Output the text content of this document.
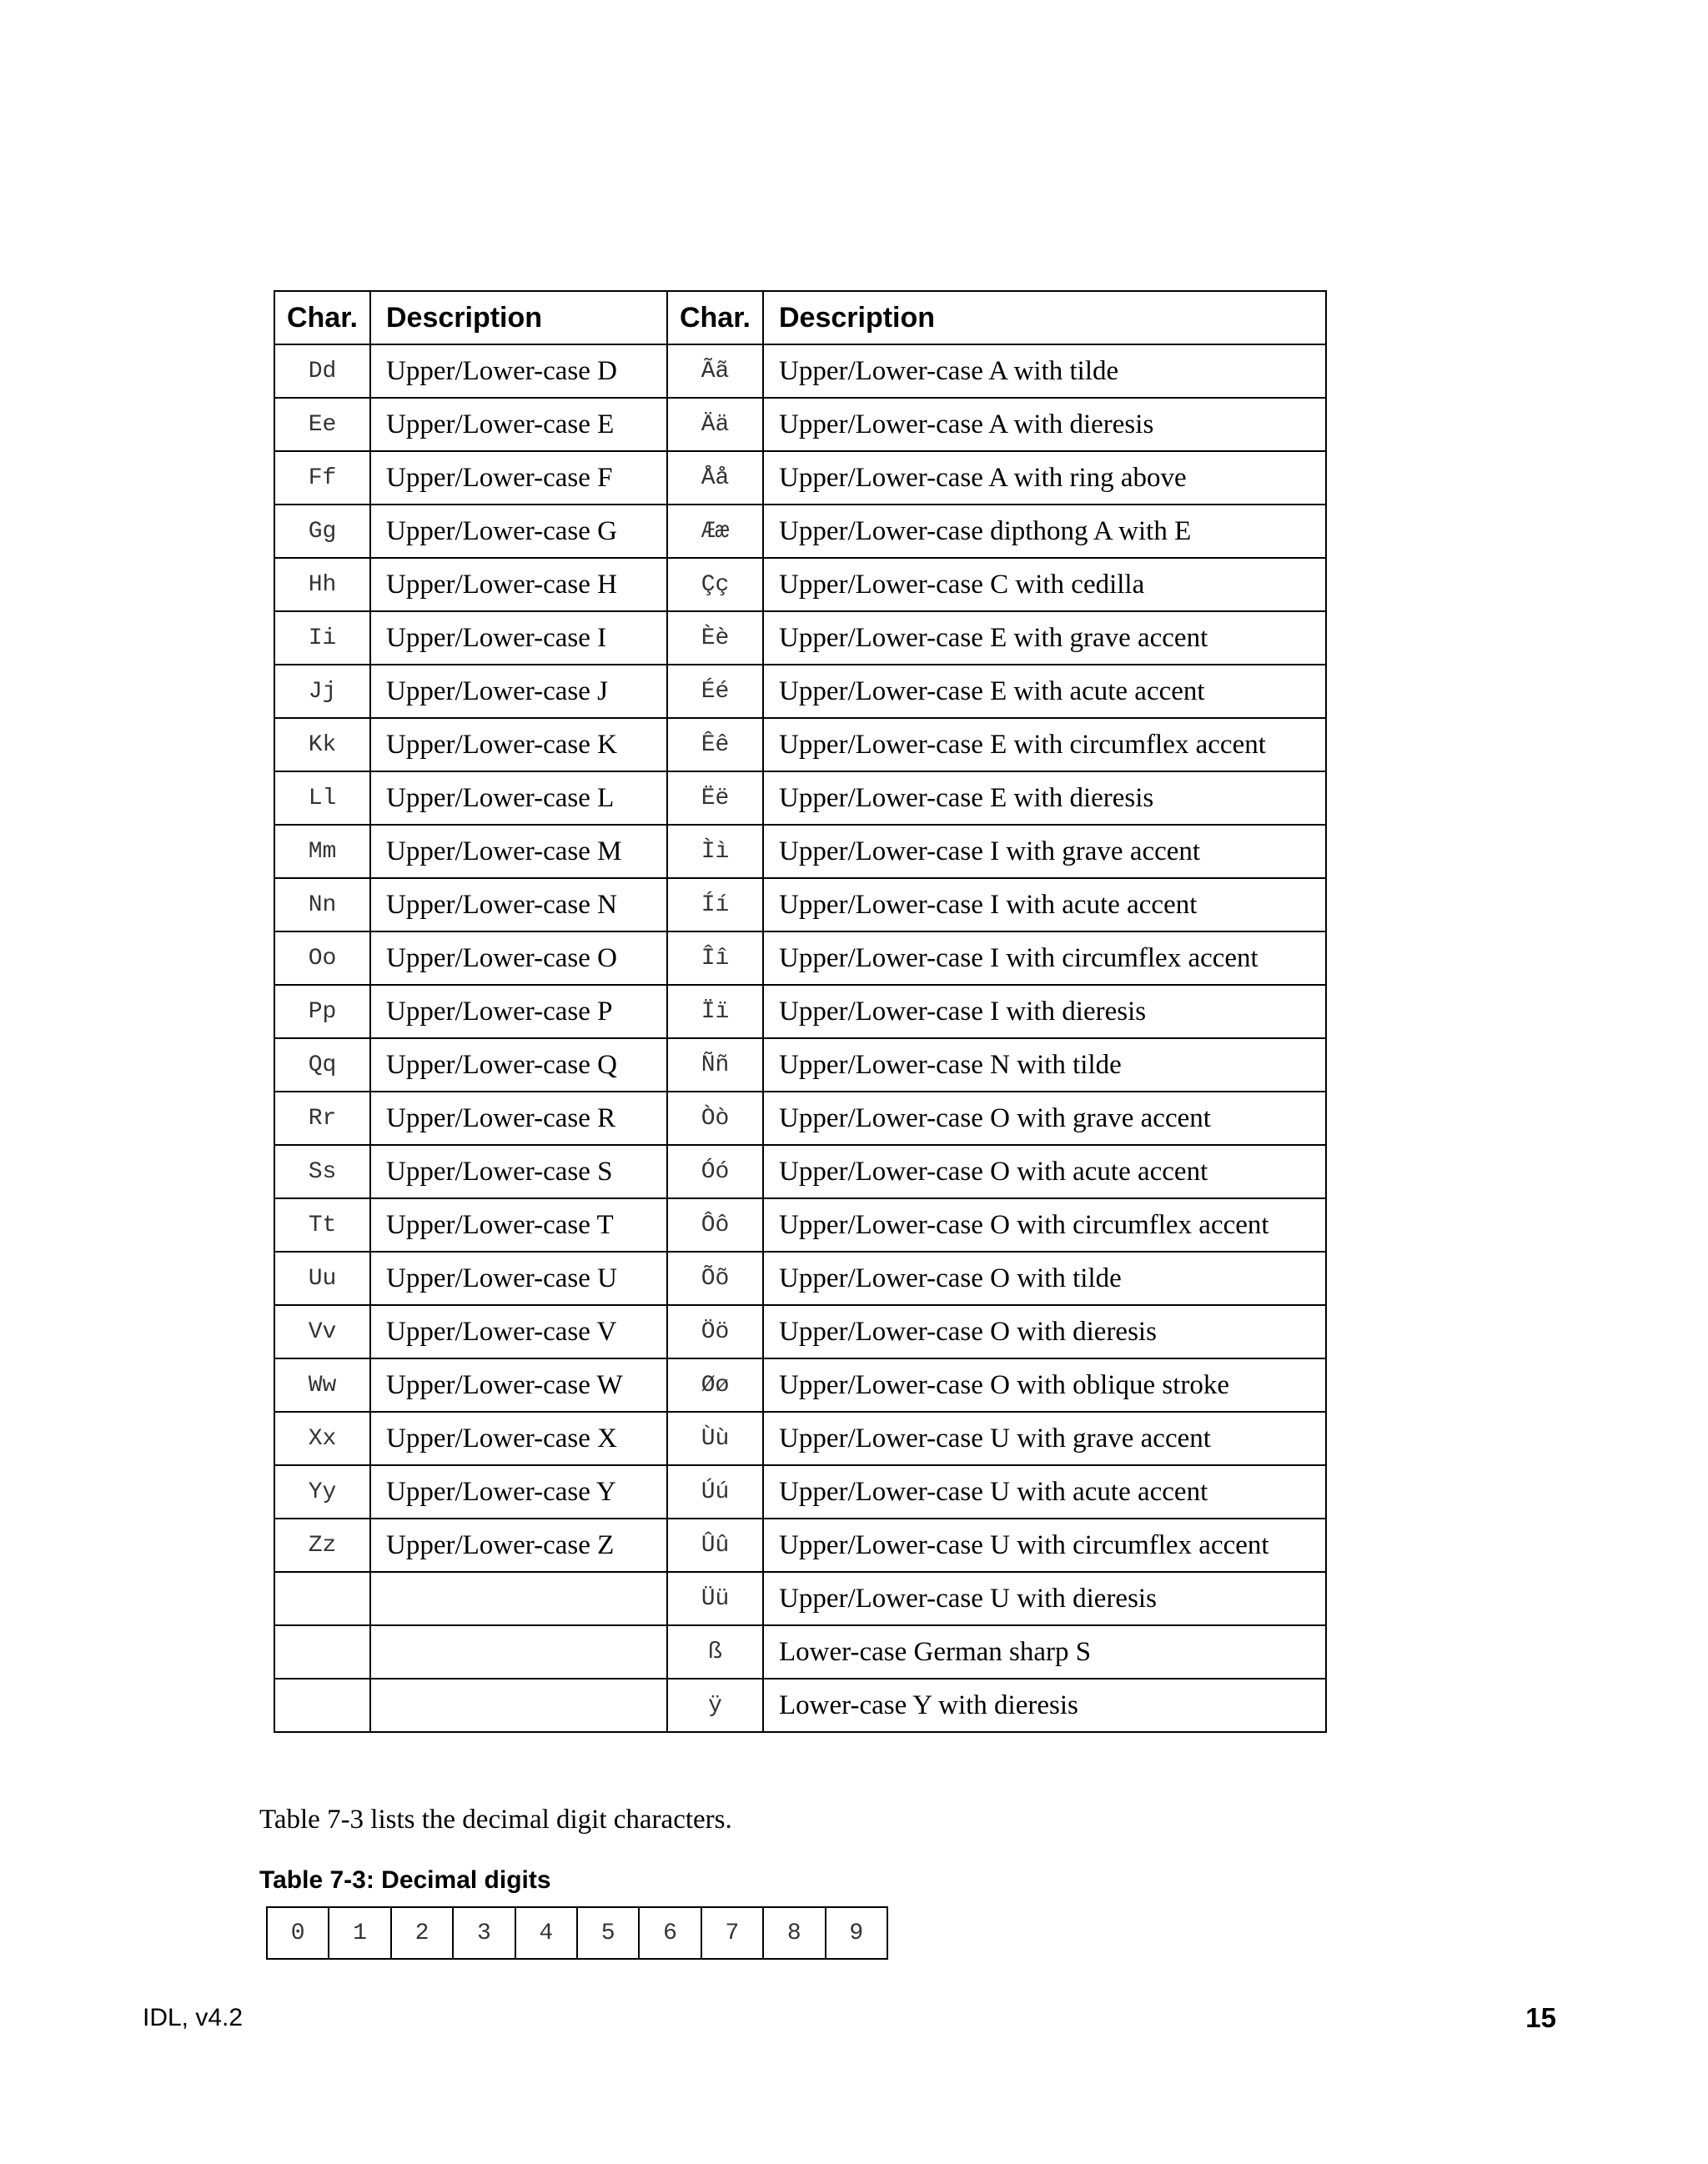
Char.	Description	Char.	Description
Dd	Upper/Lower-case D	Ãã	Upper/Lower-case A with tilde
Ee	Upper/Lower-case E	Ää	Upper/Lower-case A with dieresis
Ff	Upper/Lower-case F	Åå	Upper/Lower-case A with ring above
Gg	Upper/Lower-case G	Ææ	Upper/Lower-case dipthong A with E
Hh	Upper/Lower-case H	Çç	Upper/Lower-case C with cedilla
Ii	Upper/Lower-case I	Èè	Upper/Lower-case E with grave accent
Jj	Upper/Lower-case J	Éé	Upper/Lower-case E with acute accent
Kk	Upper/Lower-case K	Êê	Upper/Lower-case E with circumflex accent
Ll	Upper/Lower-case L	Ëë	Upper/Lower-case E with dieresis
Mm	Upper/Lower-case M	Ìì	Upper/Lower-case I with grave accent
Nn	Upper/Lower-case N	Íí	Upper/Lower-case I with acute accent
Oo	Upper/Lower-case O	Îî	Upper/Lower-case I with circumflex accent
Pp	Upper/Lower-case P	Ïï	Upper/Lower-case I with dieresis
Qq	Upper/Lower-case Q	Ññ	Upper/Lower-case N with tilde
Rr	Upper/Lower-case R	Òò	Upper/Lower-case O with grave accent
Ss	Upper/Lower-case S	Óó	Upper/Lower-case O with acute accent
Tt	Upper/Lower-case T	Ôô	Upper/Lower-case O with circumflex accent
Uu	Upper/Lower-case U	Õõ	Upper/Lower-case O with tilde
Vv	Upper/Lower-case V	Öö	Upper/Lower-case O with dieresis
Ww	Upper/Lower-case W	Øø	Upper/Lower-case O with oblique stroke
Xx	Upper/Lower-case X	Ùù	Upper/Lower-case U with grave accent
Yy	Upper/Lower-case Y	Úú	Upper/Lower-case U with acute accent
Zz	Upper/Lower-case Z	Ûû	Upper/Lower-case U with circumflex accent
		Üü	Upper/Lower-case U with dieresis
		ß	Lower-case German sharp S
		ÿ	Lower-case Y with dieresis

Table 7-3 lists the decimal digit characters.

Table 7-3: Decimal digits

0	1	2	3	4	5	6	7	8	9
IDL, v4.2	15
